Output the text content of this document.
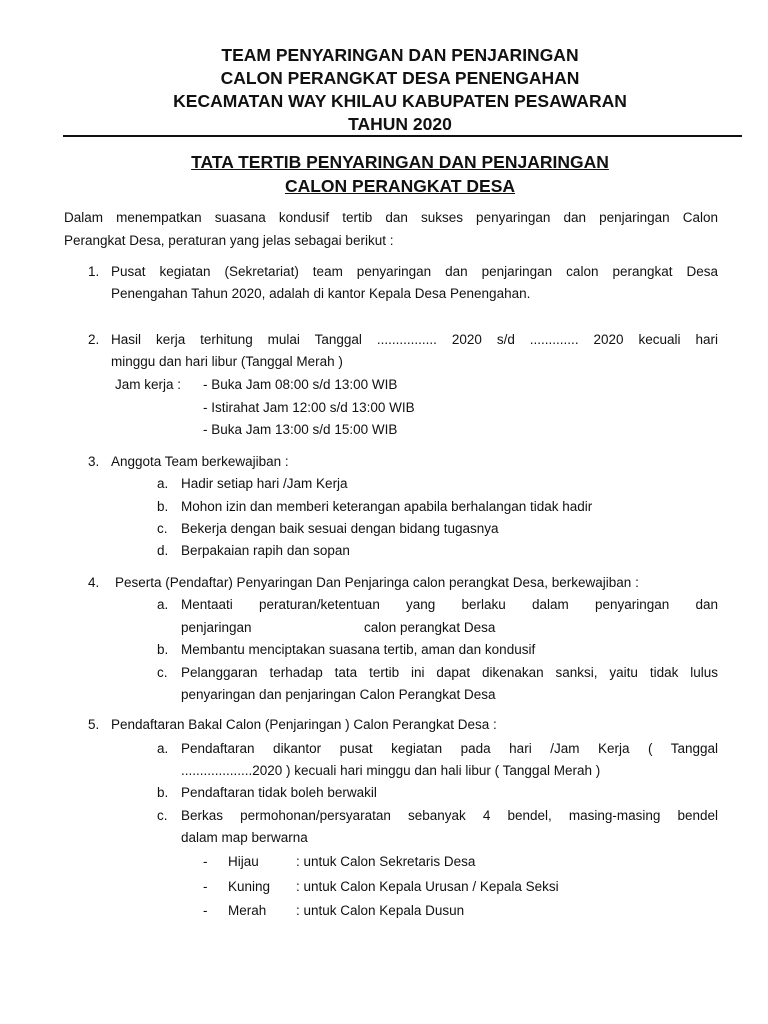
TEAM PENYARINGAN DAN PENJARINGAN
CALON PERANGKAT DESA PENENGAHAN
KECAMATAN WAY KHILAU KABUPATEN PESAWARAN
TAHUN 2020
TATA TERTIB PENYARINGAN DAN PENJARINGAN
CALON PERANGKAT DESA
Dalam menempatkan suasana kondusif tertib dan sukses penyaringan dan penjaringan Calon
Perangkat Desa, peraturan yang jelas sebagai berikut :
1. Pusat kegiatan (Sekretariat) team penyaringan dan penjaringan calon perangkat Desa
Penengahan Tahun 2020, adalah di kantor Kepala Desa Penengahan.
2. Hasil kerja terhitung mulai Tanggal ................ 2020 s/d ............. 2020 kecuali hari
minggu dan hari libur (Tanggal Merah )
Jam kerja : - Buka Jam 08:00 s/d 13:00 WIB
- Istirahat Jam 12:00 s/d 13:00 WIB
- Buka Jam 13:00 s/d 15:00 WIB
3. Anggota Team berkewajiban :
a. Hadir setiap hari /Jam Kerja
b. Mohon izin dan memberi keterangan apabila berhalangan tidak hadir
c. Bekerja dengan baik sesuai dengan bidang tugasnya
d. Berpakaian rapih dan sopan
4. Peserta (Pendaftar) Penyaringan Dan Penjaringa calon perangkat Desa, berkewajiban :
a. Mentaati peraturan/ketentuan yang berlaku dalam penyaringan dan
penjaringan	calon perangkat Desa
b. Membantu menciptakan suasana tertib, aman dan kondusif
c. Pelanggaran terhadap tata tertib ini dapat dikenakan sanksi, yaitu tidak lulus
penyaringan dan penjaringan Calon Perangkat Desa
5. Pendaftaran Bakal Calon (Penjaringan ) Calon Perangkat Desa :
a. Pendaftaran dikantor pusat kegiatan pada hari /Jam Kerja ( Tanggal
...................2020 ) kecuali hari minggu dan hali libur ( Tanggal Merah )
b. Pendaftaran tidak boleh berwakil
c. Berkas permohonan/persyaratan sebanyak 4 bendel, masing-masing bendel
dalam map berwarna
- Hijau	: untuk Calon Sekretaris Desa
- Kuning : untuk Calon Kepala Urusan / Kepala Seksi
- Merah : untuk Calon Kepala Dusun
